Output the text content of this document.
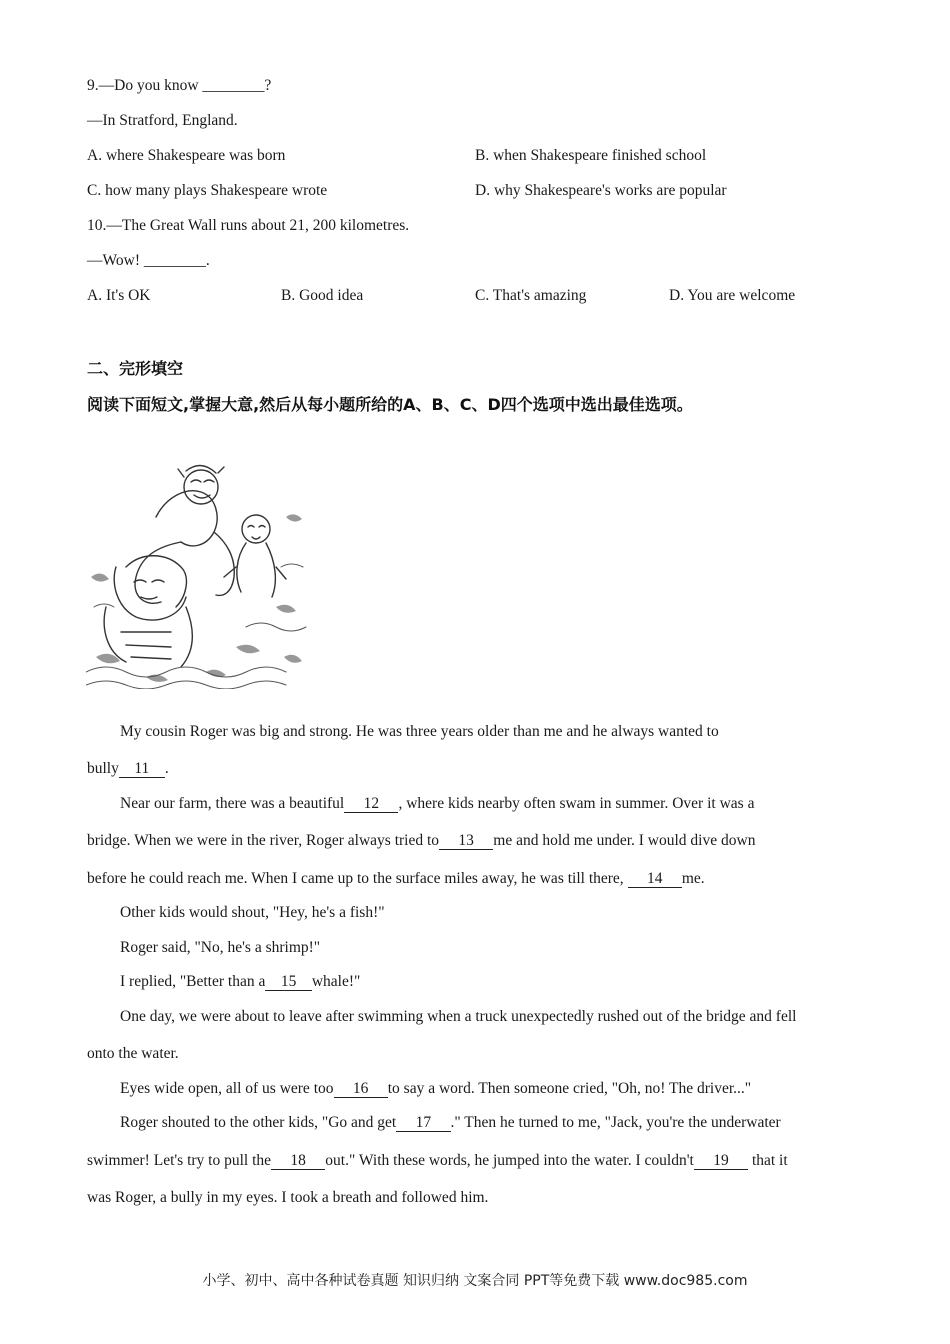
9.—Do you know ________?
—In Stratford, England.
A. where Shakespeare was born	B. when Shakespeare finished school
C. how many plays Shakespeare wrote	D. why Shakespeare's works are popular
10.—The Great Wall runs about 21, 200 kilometres.
—Wow! ________.
A. It's OK	B. Good idea	C. That's amazing	D. You are welcome
二、完形填空
阅读下面短文,掌握大意,然后从每小题所给的A、B、C、D四个选项中选出最佳选项。
My cousin Roger was big and strong. He was three years older than me and he always wanted to
bully 11 .
Near our farm, there was a beautiful 12 , where kids nearby often swam in summer. Over it was a
bridge. When we were in the river, Roger always tried to 13 me and hold me under. I would dive down
before he could reach me. When I came up to the surface miles away, he was till there, 14 me.
Other kids would shout, "Hey, he's a fish!"
Roger said, "No, he's a shrimp!"
I replied, "Better than a 15 whale!"
One day, we were about to leave after swimming when a truck unexpectedly rushed out of the bridge and fell
onto the water.
Eyes wide open, all of us were too 16 to say a word. Then someone cried, "Oh, no! The driver..."
Roger shouted to the other kids, "Go and get 17 ." Then he turned to me, "Jack, you're the underwater
swimmer! Let's try to pull the 18 out." With these words, he jumped into the water. I couldn't 19 that it
was Roger, a bully in my eyes. I took a breath and followed him.
小学、初中、高中各种试卷真题 知识归纳 文案合同 PPT等免费下载 www.doc985.com
